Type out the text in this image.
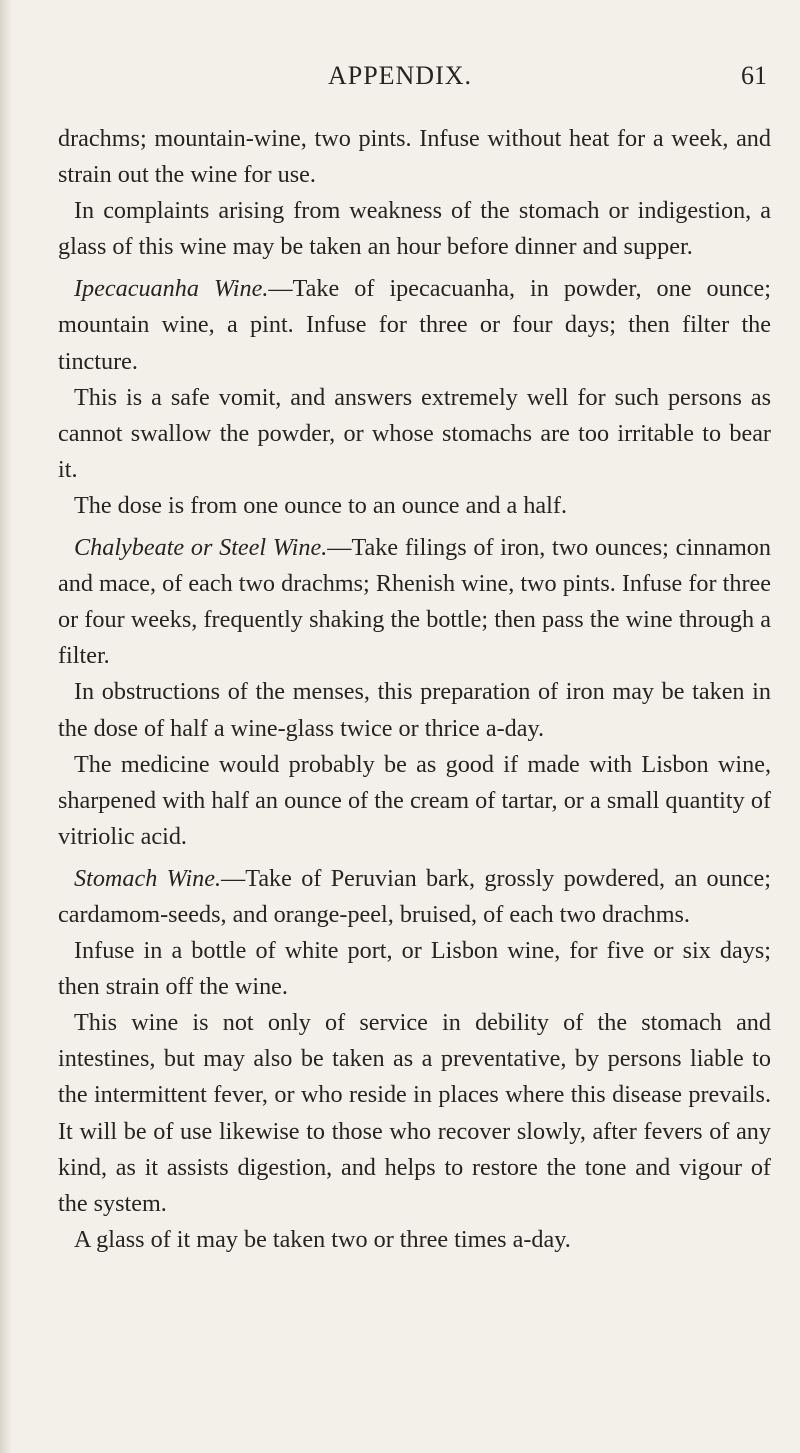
APPENDIX.	61

drachms; mountain-wine, two pints. Infuse without heat for a week, and strain out the wine for use.

In complaints arising from weakness of the stomach or indigestion, a glass of this wine may be taken an hour before dinner and supper.

Ipecacuanha Wine.—Take of ipecacuanha, in powder, one ounce; mountain wine, a pint. Infuse for three or four days; then filter the tincture.

This is a safe vomit, and answers extremely well for such persons as cannot swallow the powder, or whose stomachs are too irritable to bear it.

The dose is from one ounce to an ounce and a half.

Chalybeate or Steel Wine.—Take filings of iron, two ounces; cinnamon and mace, of each two drachms; Rhenish wine, two pints. Infuse for three or four weeks, frequently shaking the bottle; then pass the wine through a filter.

In obstructions of the menses, this preparation of iron may be taken in the dose of half a wine-glass twice or thrice a-day.

The medicine would probably be as good if made with Lisbon wine, sharpened with half an ounce of the cream of tartar, or a small quantity of vitriolic acid.

Stomach Wine.—Take of Peruvian bark, grossly powdered, an ounce; cardamom-seeds, and orange-peel, bruised, of each two drachms.

Infuse in a bottle of white port, or Lisbon wine, for five or six days; then strain off the wine.

This wine is not only of service in debility of the stomach and intestines, but may also be taken as a preventative, by persons liable to the intermittent fever, or who reside in places where this disease prevails. It will be of use likewise to those who recover slowly, after fevers of any kind, as it assists digestion, and helps to restore the tone and vigour of the system.

A glass of it may be taken two or three times a-day.
